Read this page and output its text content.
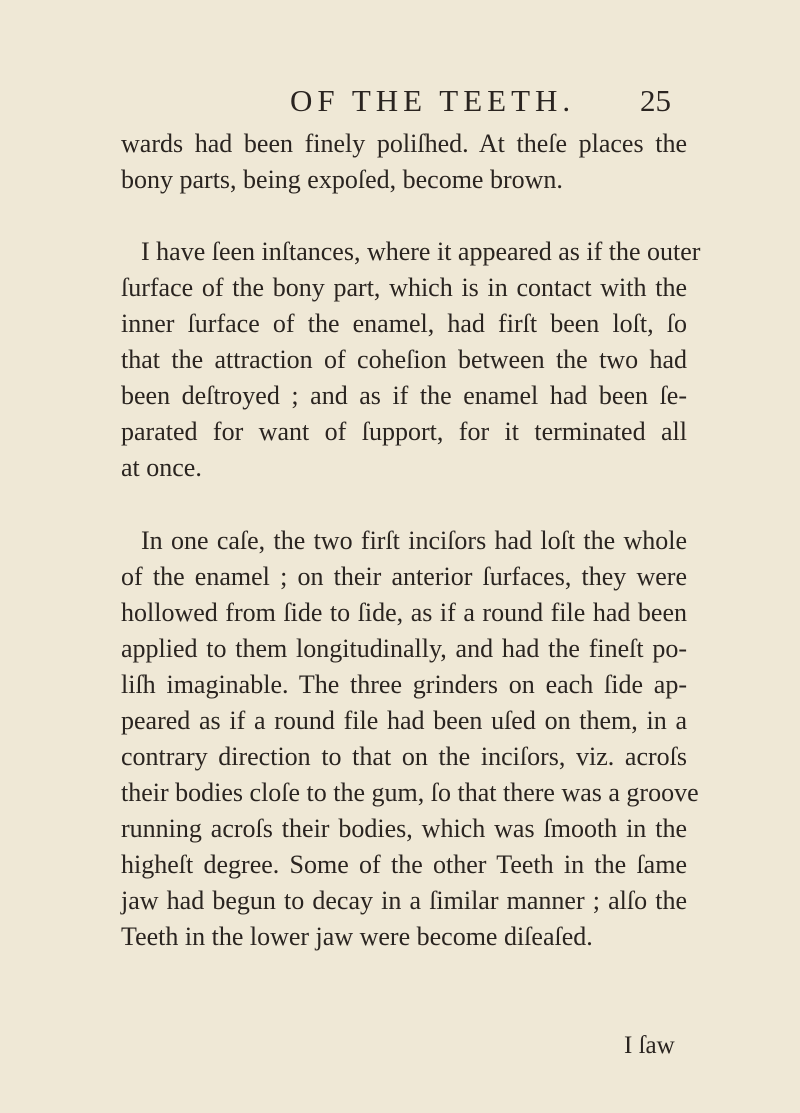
OF THE TEETH. 25

wards had been finely poliſhed. At theſe places the
bony parts, being expoſed, become brown.

I have ſeen inſtances, where it appeared as if the outer
ſurface of the bony part, which is in contact with the
inner ſurface of the enamel, had firſt been loſt, ſo
that the attraction of coheſion between the two had
been deſtroyed ; and as if the enamel had been ſe-
parated for want of ſupport, for it terminated all
at once.

In one caſe, the two firſt inciſors had loſt the whole
of the enamel ; on their anterior ſurfaces, they were
hollowed from ſide to ſide, as if a round file had been
applied to them longitudinally, and had the fineſt po-
liſh imaginable. The three grinders on each ſide ap-
peared as if a round file had been uſed on them, in a
contrary direction to that on the inciſors, viz. acroſs
their bodies cloſe to the gum, ſo that there was a groove
running acroſs their bodies, which was ſmooth in the
higheſt degree. Some of the other Teeth in the ſame
jaw had begun to decay in a ſimilar manner ; alſo the
Teeth in the lower jaw were become diſeaſed.

I ſaw
